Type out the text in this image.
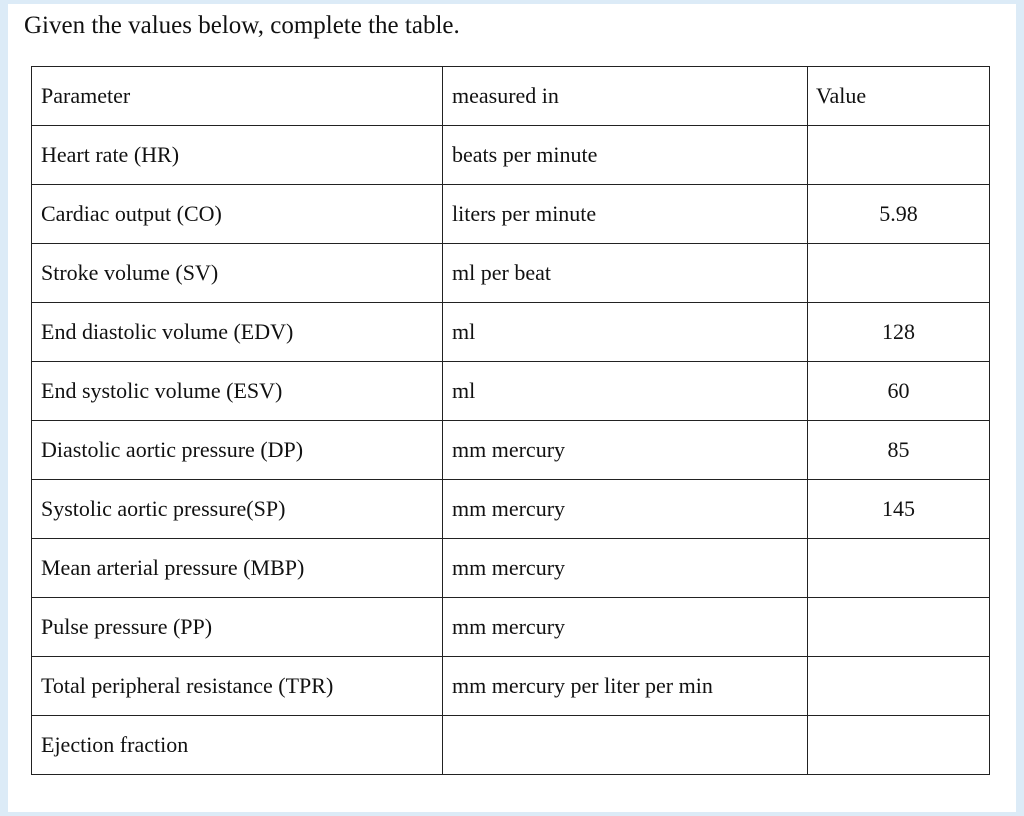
Given the values below, complete the table.

Parameter	measured in	Value
Heart rate (HR)	beats per minute	
Cardiac output (CO)	liters per minute	5.98
Stroke volume (SV)	ml per beat	
End diastolic volume (EDV)	ml	128
End systolic volume (ESV)	ml	60
Diastolic aortic pressure (DP)	mm mercury	85
Systolic aortic pressure(SP)	mm mercury	145
Mean arterial pressure (MBP)	mm mercury	
Pulse pressure (PP)	mm mercury	
Total peripheral resistance (TPR)	mm mercury per liter per min	
Ejection fraction		
